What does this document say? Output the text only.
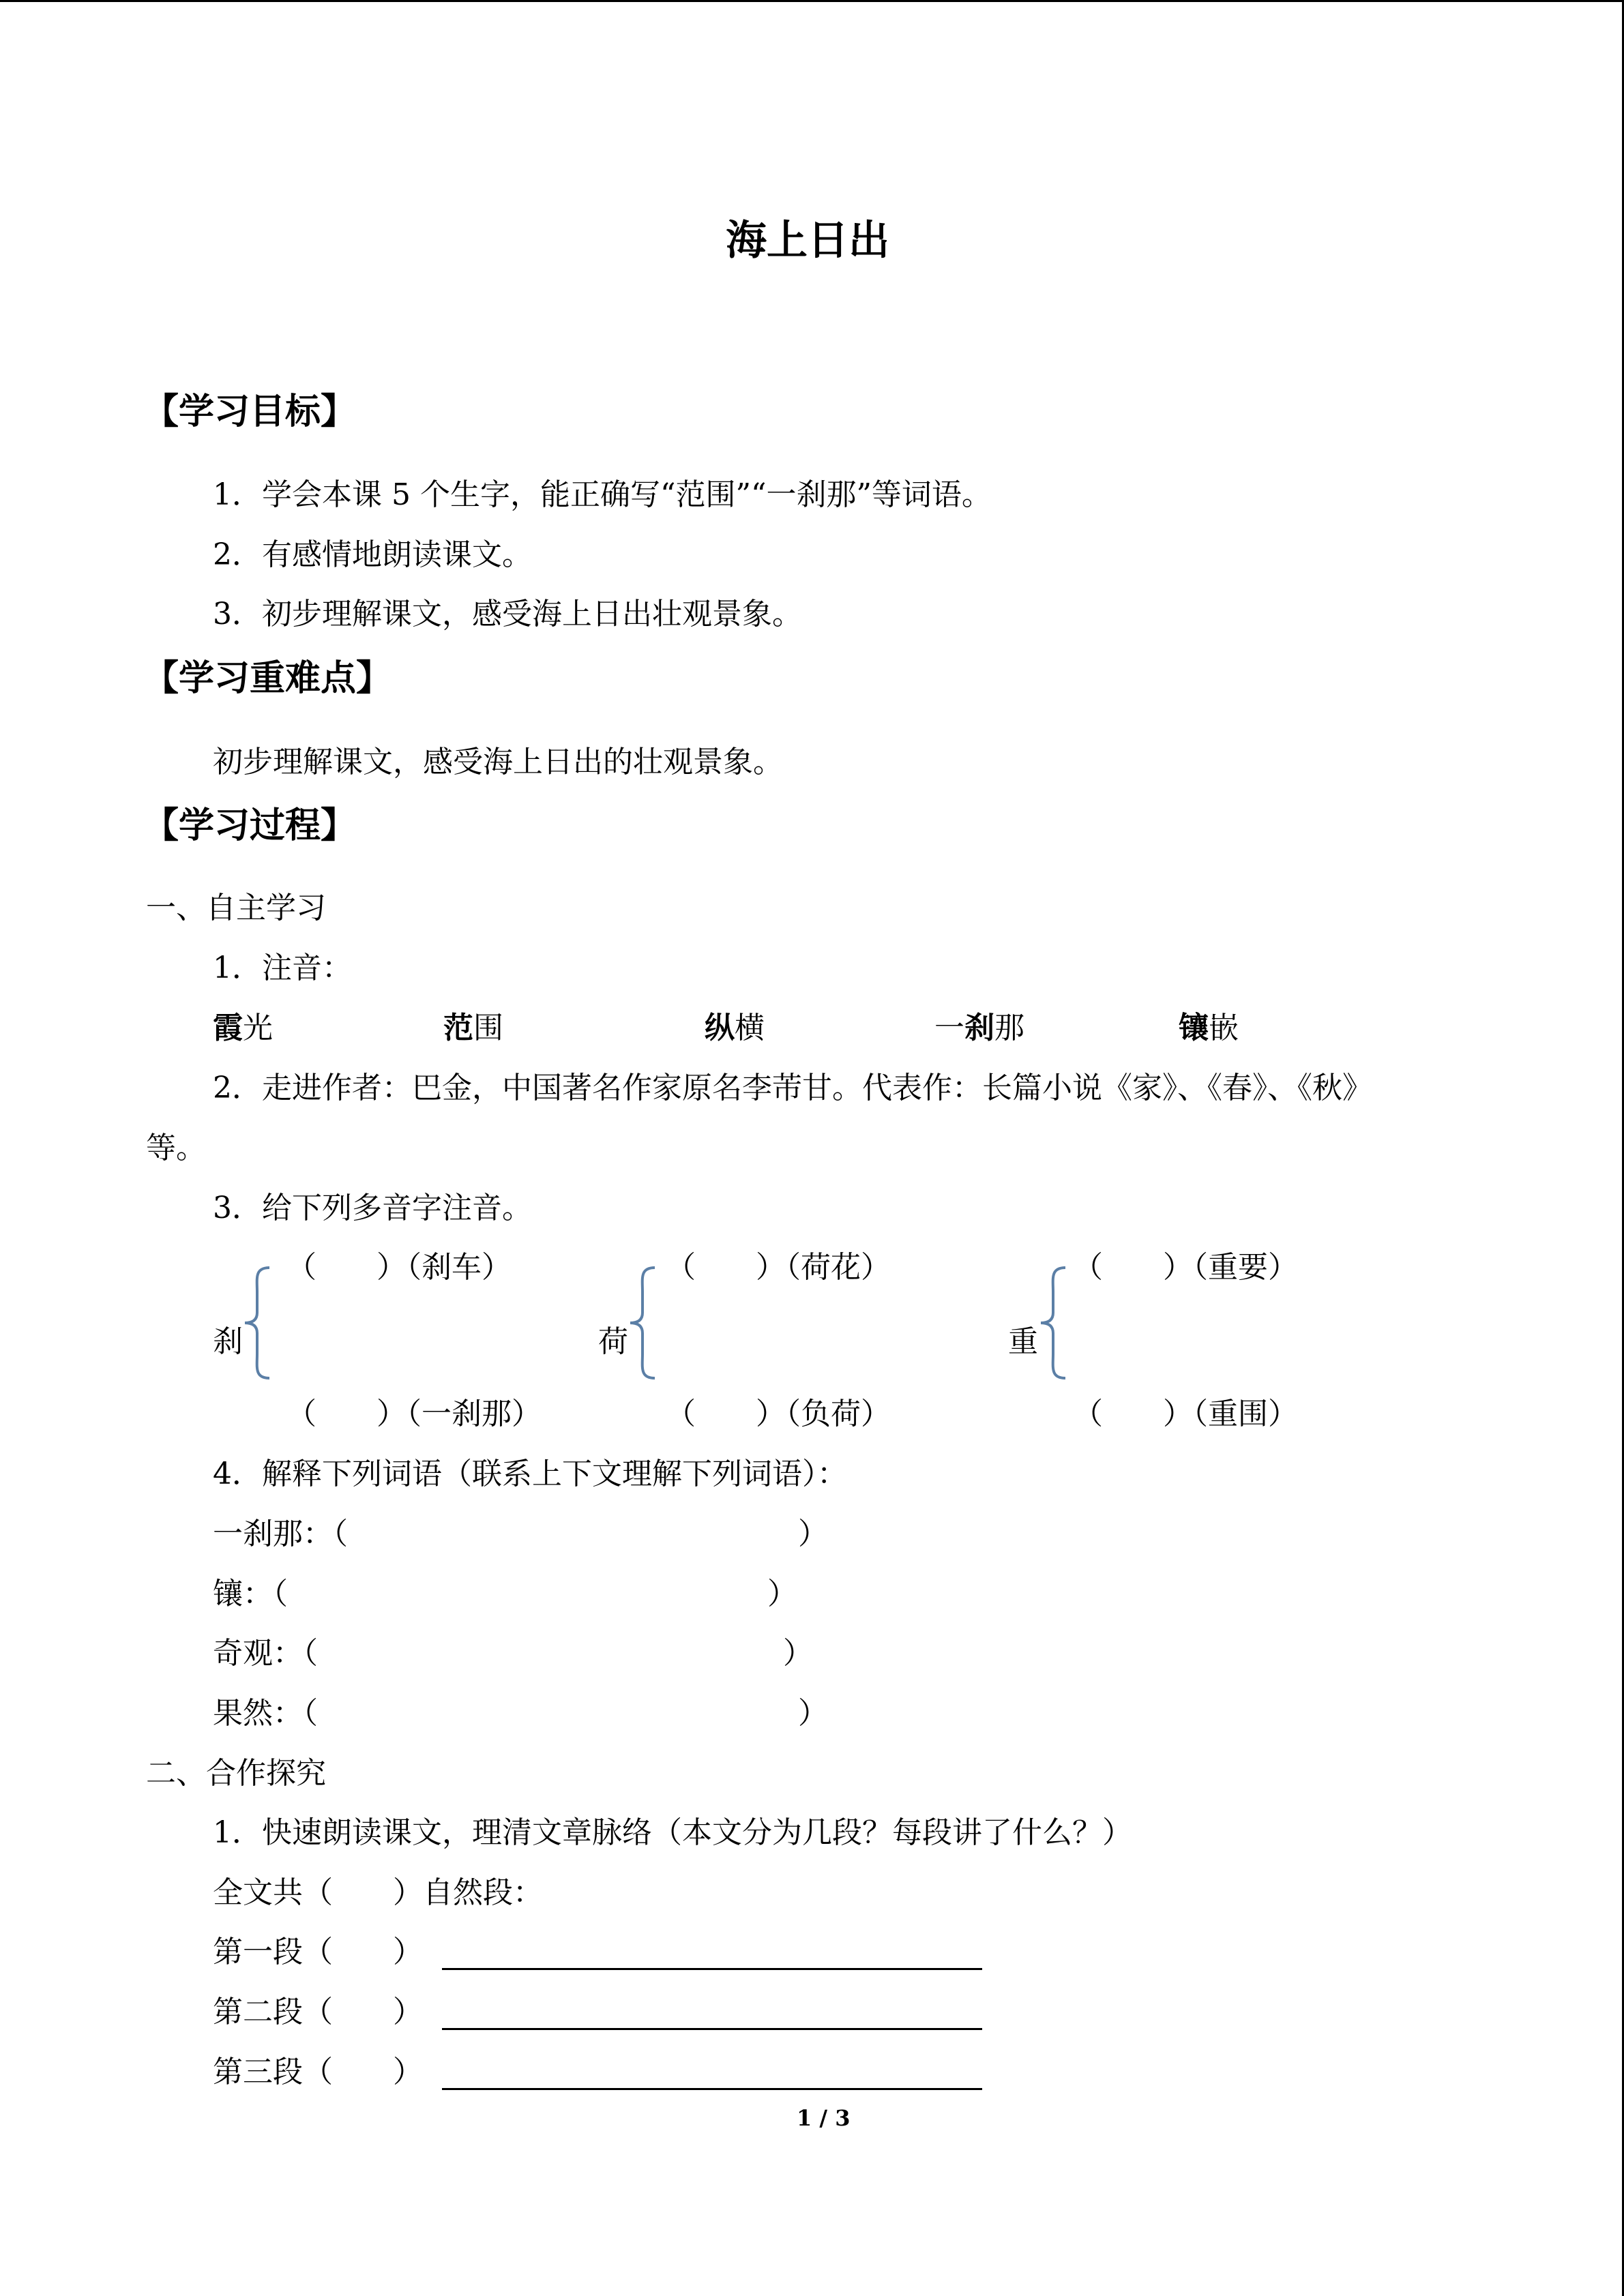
海上日出
【学习目标】
1．学会本课 5 个生字，能正确写“范围”“一刹那”等词语。
2．有感情地朗读课文。
3．初步理解课文，感受海上日出壮观景象。
【学习重难点】
初步理解课文，感受海上日出的壮观景象。
【学习过程】
一、自主学习
1．注音：
霞光	范围	纵横	一刹那	镶嵌
2．走进作者：巴金，中国著名作家原名李芾甘。代表作：长篇小说《家》、《春》、《秋》
等。
3．给下列多音字注音。
（　　）（刹车）
刹
（　　）（一刹那）
（　　）（荷花）
荷
（　　）（负荷）
（　　）（重要）
重
（　　）（重围）
4．解释下列词语（联系上下文理解下列词语）：
一刹那：（	）
镶：（	）
奇观：（	）
果然：（	）
二、合作探究
1．快速朗读课文，理清文章脉络（本文分为几段？每段讲了什么？）
全文共（　　）自然段：
第一段（　　）
第二段（　　）
第三段（　　）
1 / 3
